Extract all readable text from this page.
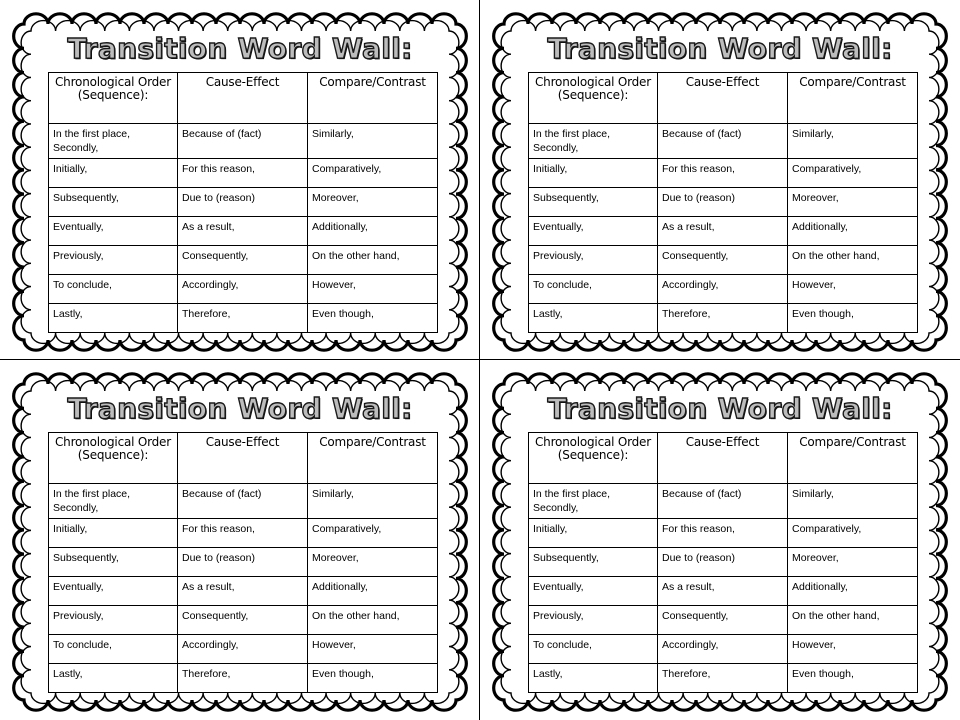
Transition Word Wall:
Chronological Order (Sequence):	Cause-Effect	Compare/Contrast
In the first place, Secondly,	Because of (fact)	Similarly,
Initially,	For this reason,	Comparatively,
Subsequently,	Due to (reason)	Moreover,
Eventually,	As a result,	Additionally,
Previously,	Consequently,	On the other hand,
To conclude,	Accordingly,	However,
Lastly,	Therefore,	Even though,
Transition Word Wall:
Chronological Order (Sequence):	Cause-Effect	Compare/Contrast
In the first place, Secondly,	Because of (fact)	Similarly,
Initially,	For this reason,	Comparatively,
Subsequently,	Due to (reason)	Moreover,
Eventually,	As a result,	Additionally,
Previously,	Consequently,	On the other hand,
To conclude,	Accordingly,	However,
Lastly,	Therefore,	Even though,
Transition Word Wall:
Chronological Order (Sequence):	Cause-Effect	Compare/Contrast
In the first place, Secondly,	Because of (fact)	Similarly,
Initially,	For this reason,	Comparatively,
Subsequently,	Due to (reason)	Moreover,
Eventually,	As a result,	Additionally,
Previously,	Consequently,	On the other hand,
To conclude,	Accordingly,	However,
Lastly,	Therefore,	Even though,
Transition Word Wall:
Chronological Order (Sequence):	Cause-Effect	Compare/Contrast
In the first place, Secondly,	Because of (fact)	Similarly,
Initially,	For this reason,	Comparatively,
Subsequently,	Due to (reason)	Moreover,
Eventually,	As a result,	Additionally,
Previously,	Consequently,	On the other hand,
To conclude,	Accordingly,	However,
Lastly,	Therefore,	Even though,
